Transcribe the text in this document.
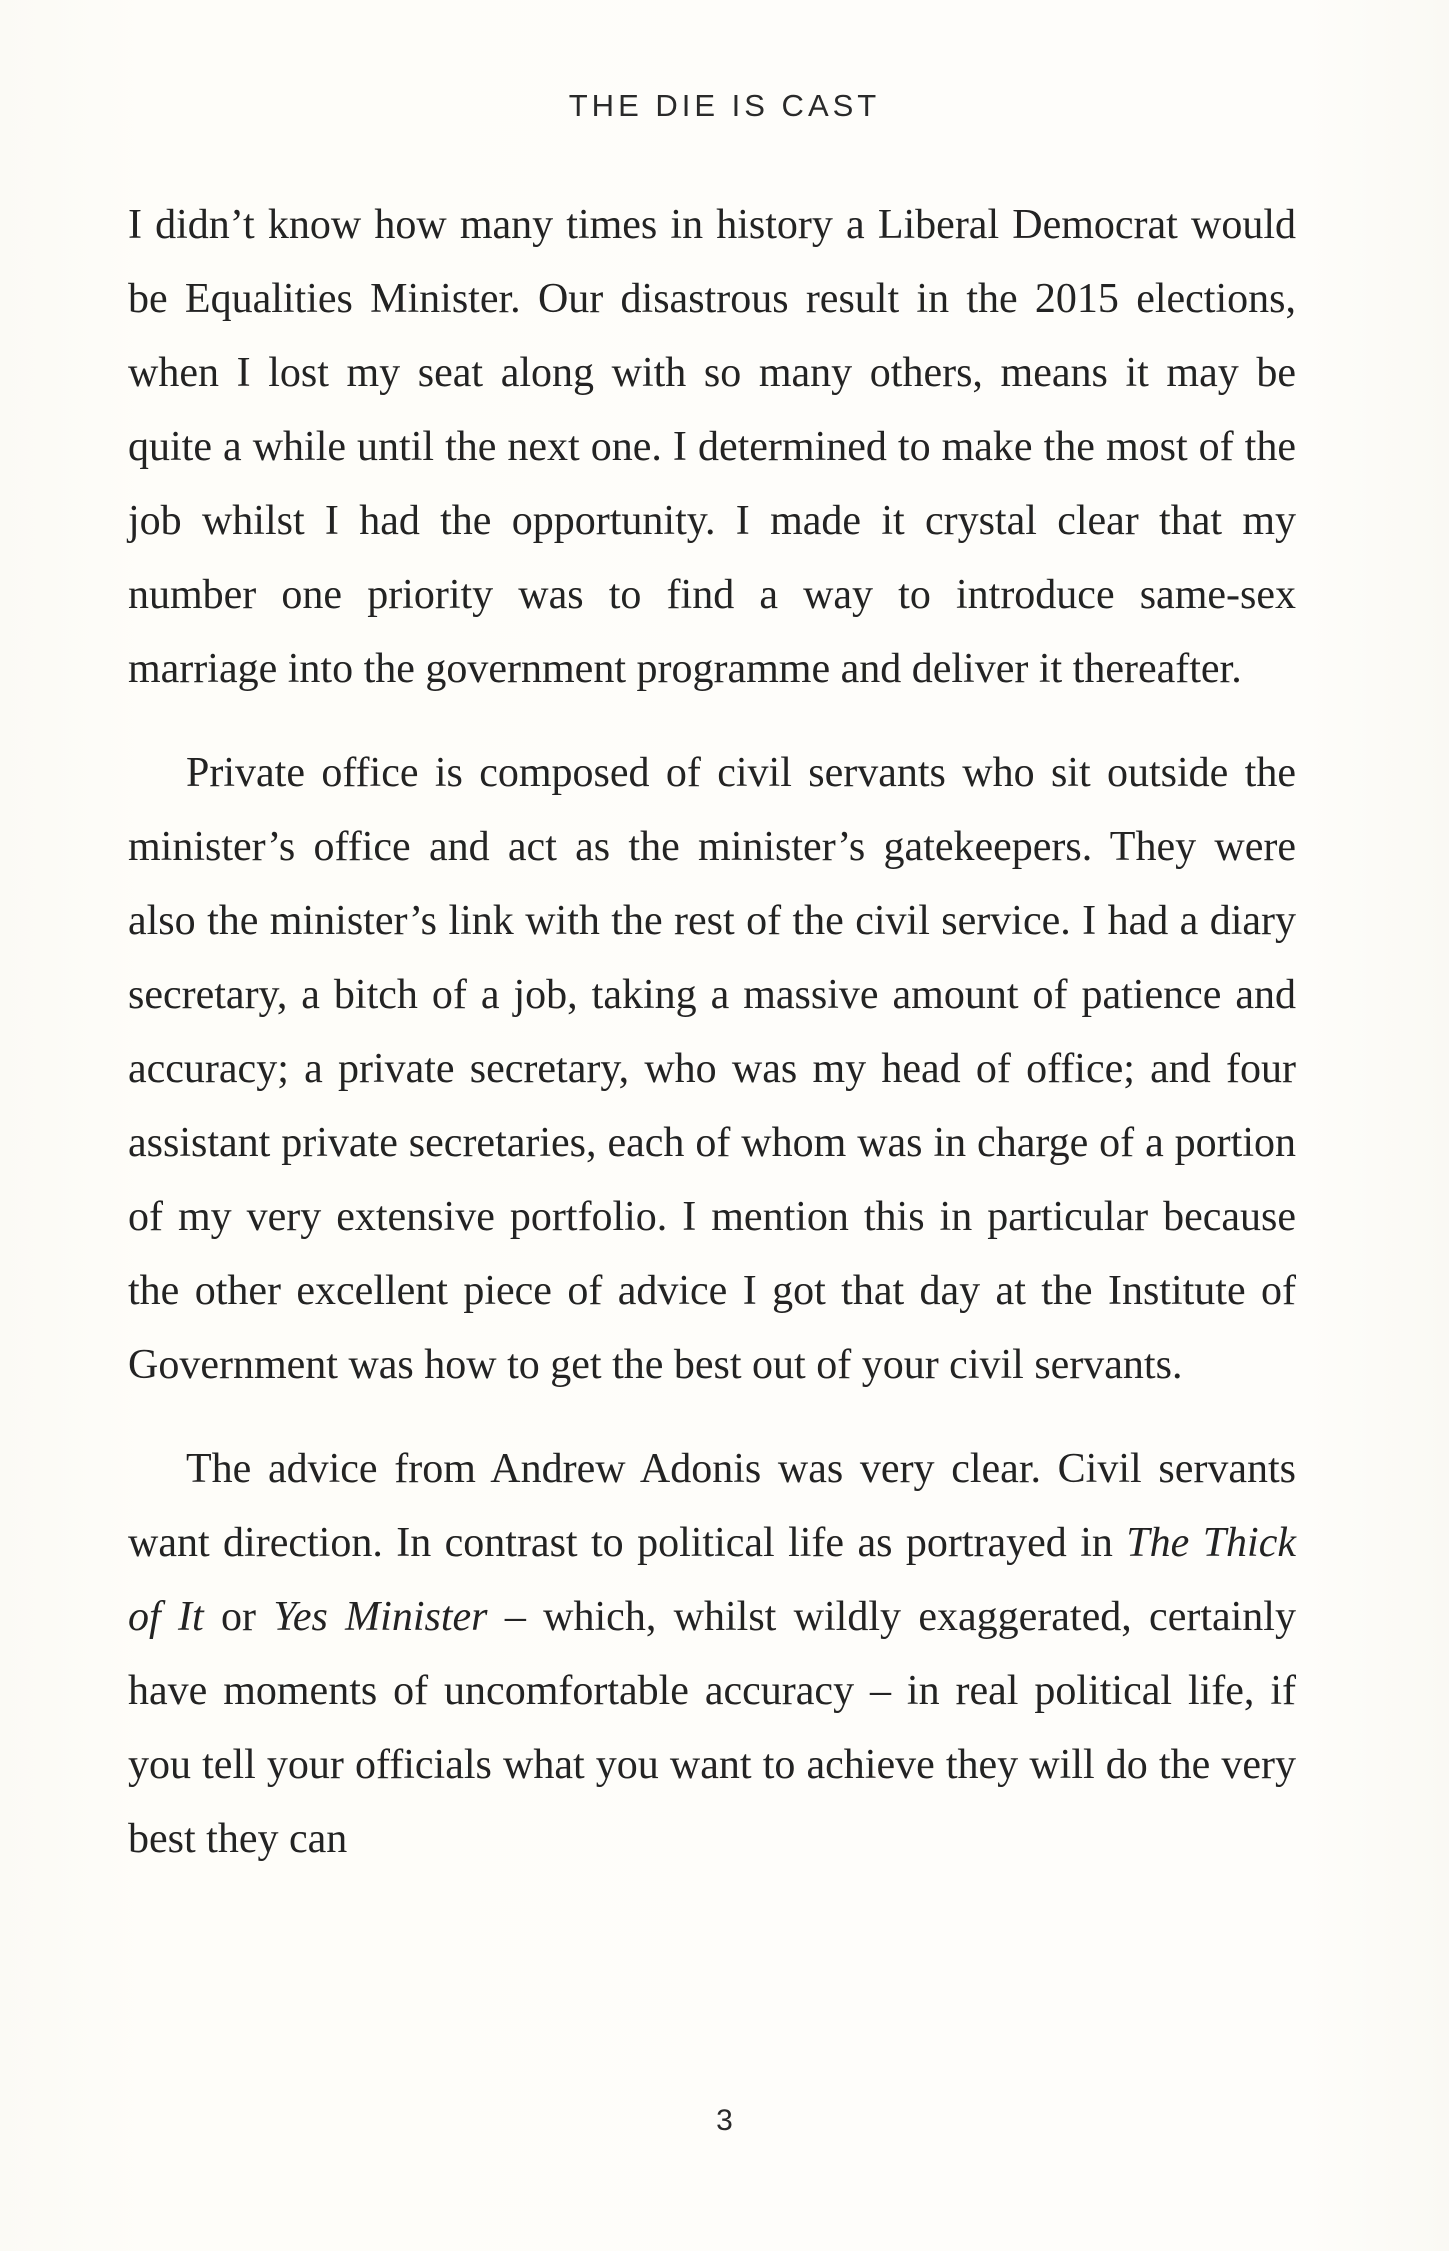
THE DIE IS CAST

I didn’t know how many times in history a Liberal Democrat would be Equalities Minister. Our disastrous result in the 2015 elections, when I lost my seat along with so many others, means it may be quite a while until the next one. I determined to make the most of the job whilst I had the opportunity. I made it crystal clear that my number one priority was to find a way to introduce same-sex marriage into the government programme and deliver it thereafter.

Private office is composed of civil servants who sit outside the minister’s office and act as the minister’s gatekeepers. They were also the minister’s link with the rest of the civil service. I had a diary secretary, a bitch of a job, taking a massive amount of patience and accuracy; a private secretary, who was my head of office; and four assistant private secretaries, each of whom was in charge of a portion of my very extensive portfolio. I mention this in particular because the other excellent piece of advice I got that day at the Institute of Government was how to get the best out of your civil servants.

The advice from Andrew Adonis was very clear. Civil servants want direction. In contrast to political life as portrayed in The Thick of It or Yes Minister – which, whilst wildly exaggerated, certainly have moments of uncomfortable accuracy – in real political life, if you tell your officials what you want to achieve they will do the very best they can

3
